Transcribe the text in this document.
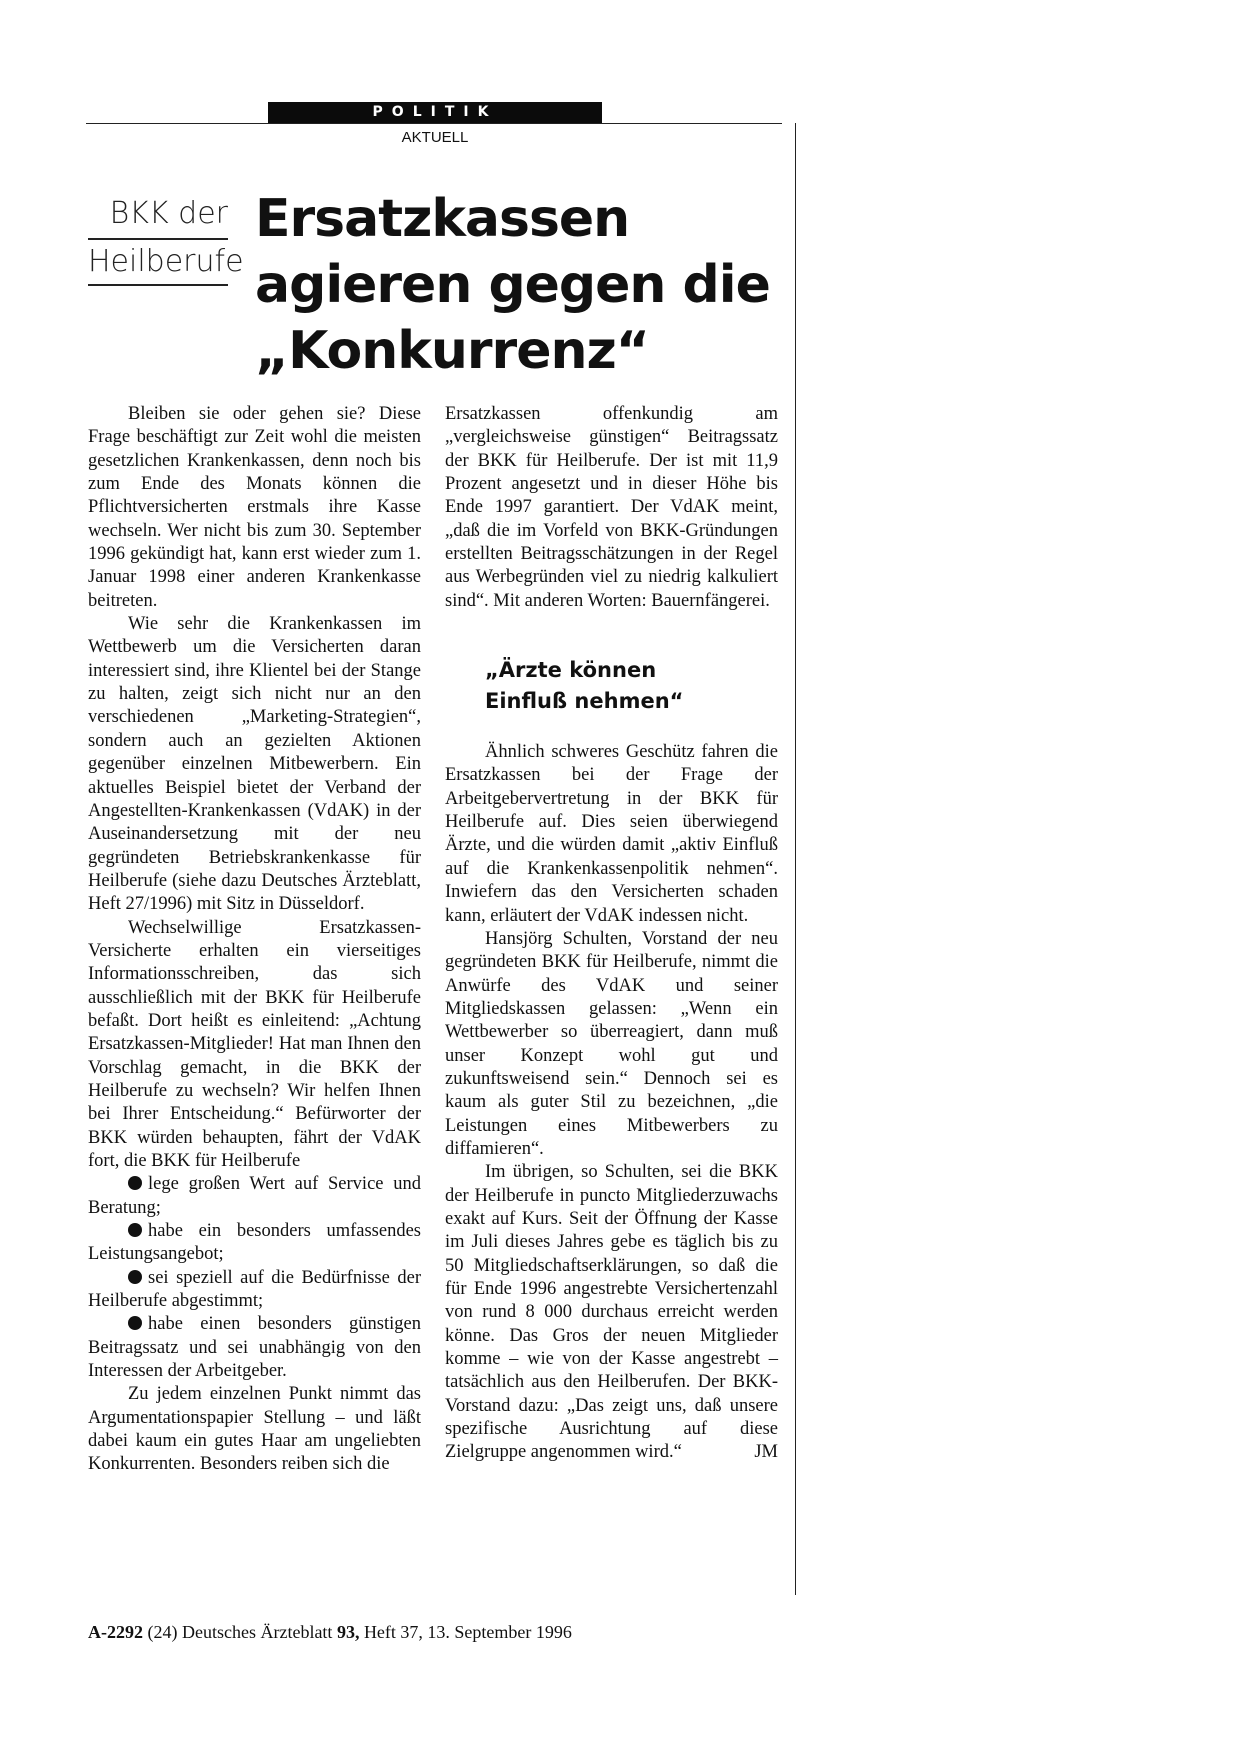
POLITIK
AKTUELL
BKK der
Heilberufe
Ersatzkassen
agieren gegen die
„Konkurrenz“

Bleiben sie oder gehen sie? Diese Frage beschäftigt zur Zeit wohl die meisten gesetzlichen Krankenkassen, denn noch bis zum Ende des Monats können die Pflichtversicherten erstmals ihre Kasse wechseln. Wer nicht bis zum 30. September 1996 gekündigt hat, kann erst wieder zum 1. Januar 1998 einer anderen Krankenkasse beitreten.

Wie sehr die Krankenkassen im Wettbewerb um die Versicherten daran interessiert sind, ihre Klientel bei der Stange zu halten, zeigt sich nicht nur an den verschiedenen „Marketing-Strategien“, sondern auch an gezielten Aktionen gegenüber einzelnen Mitbewerbern. Ein aktuelles Beispiel bietet der Verband der Angestellten-Krankenkassen (VdAK) in der Auseinandersetzung mit der neu gegründeten Betriebskrankenkasse für Heilberufe (siehe dazu Deutsches Ärzteblatt, Heft 27/1996) mit Sitz in Düsseldorf.

Wechselwillige Ersatzkassen-Versicherte erhalten ein vierseitiges Informationsschreiben, das sich ausschließlich mit der BKK für Heilberufe befaßt. Dort heißt es einleitend: „Achtung Ersatzkassen-Mitglieder! Hat man Ihnen den Vorschlag gemacht, in die BKK der Heilberufe zu wechseln? Wir helfen Ihnen bei Ihrer Entscheidung.“ Befürworter der BKK würden behaupten, fährt der VdAK fort, die BKK für Heilberufe

lege großen Wert auf Service und Beratung;

habe ein besonders umfassendes Leistungsangebot;

sei speziell auf die Bedürfnisse der Heilberufe abgestimmt;

habe einen besonders günstigen Beitragssatz und sei unabhängig von den Interessen der Arbeitgeber.

Zu jedem einzelnen Punkt nimmt das Argumentationspapier Stellung – und läßt dabei kaum ein gutes Haar am ungeliebten Konkurrenten. Besonders reiben sich die

Ersatzkassen offenkundig am „vergleichsweise günstigen“ Beitragssatz der BKK für Heilberufe. Der ist mit 11,9 Prozent angesetzt und in dieser Höhe bis Ende 1997 garantiert. Der VdAK meint, „daß die im Vorfeld von BKK-Gründungen erstellten Beitragsschätzungen in der Regel aus Werbegründen viel zu niedrig kalkuliert sind“. Mit anderen Worten: Bauernfängerei.

„Ärzte können
Einfluß nehmen“

Ähnlich schweres Geschütz fahren die Ersatzkassen bei der Frage der Arbeitgebervertretung in der BKK für Heilberufe auf. Dies seien überwiegend Ärzte, und die würden damit „aktiv Einfluß auf die Krankenkassenpolitik nehmen“. Inwiefern das den Versicherten schaden kann, erläutert der VdAK indessen nicht.

Hansjörg Schulten, Vorstand der neu gegründeten BKK für Heilberufe, nimmt die Anwürfe des VdAK und seiner Mitgliedskassen gelassen: „Wenn ein Wettbewerber so überreagiert, dann muß unser Konzept wohl gut und zukunftsweisend sein.“ Dennoch sei es kaum als guter Stil zu bezeichnen, „die Leistungen eines Mitbewerbers zu diffamieren“.

Im übrigen, so Schulten, sei die BKK der Heilberufe in puncto Mitgliederzuwachs exakt auf Kurs. Seit der Öffnung der Kasse im Juli dieses Jahres gebe es täglich bis zu 50 Mitgliedschaftserklärungen, so daß die für Ende 1996 angestrebte Versichertenzahl von rund 8 000 durchaus erreicht werden könne. Das Gros der neuen Mitglieder komme – wie von der Kasse angestrebt – tatsächlich aus den Heilberufen. Der BKK-Vorstand dazu: „Das zeigt uns, daß unsere spezifische Ausrichtung auf diese Zielgruppe angenommen wird.“	JM

A-2292 (24) Deutsches Ärzteblatt 93, Heft 37, 13. September 1996
